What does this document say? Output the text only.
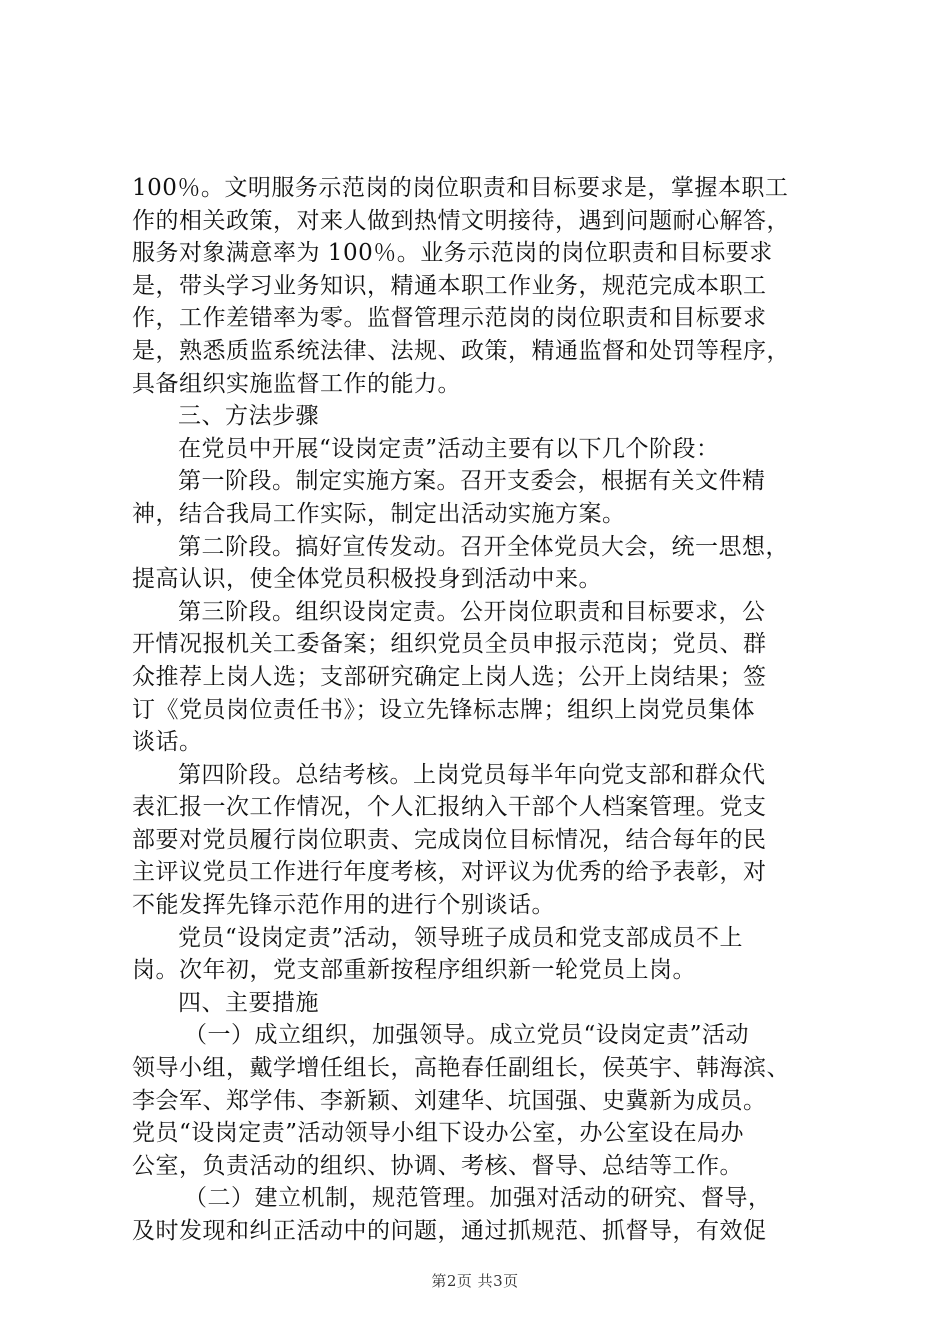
100％。文明服务示范岗的岗位职责和目标要求是，掌握本职工
作的相关政策，对来人做到热情文明接待，遇到问题耐心解答，
服务对象满意率为 100％。业务示范岗的岗位职责和目标要求
是，带头学习业务知识，精通本职工作业务，规范完成本职工
作，工作差错率为零。监督管理示范岗的岗位职责和目标要求
是，熟悉质监系统法律、法规、政策，精通监督和处罚等程序，
具备组织实施监督工作的能力。
三、方法步骤
在党员中开展“设岗定责”活动主要有以下几个阶段：
第一阶段。制定实施方案。召开支委会，根据有关文件精
神，结合我局工作实际，制定出活动实施方案。
第二阶段。搞好宣传发动。召开全体党员大会，统一思想，
提高认识，使全体党员积极投身到活动中来。
第三阶段。组织设岗定责。公开岗位职责和目标要求，公
开情况报机关工委备案；组织党员全员申报示范岗；党员、群
众推荐上岗人选；支部研究确定上岗人选；公开上岗结果；签
订《党员岗位责任书》；设立先锋标志牌；组织上岗党员集体
谈话。
第四阶段。总结考核。上岗党员每半年向党支部和群众代
表汇报一次工作情况，个人汇报纳入干部个人档案管理。党支
部要对党员履行岗位职责、完成岗位目标情况，结合每年的民
主评议党员工作进行年度考核，对评议为优秀的给予表彰，对
不能发挥先锋示范作用的进行个别谈话。
党员“设岗定责”活动，领导班子成员和党支部成员不上
岗。次年初，党支部重新按程序组织新一轮党员上岗。
四、主要措施
（一）成立组织，加强领导。成立党员“设岗定责”活动
领导小组，戴学增任组长，高艳春任副组长，侯英宇、韩海滨、
李会军、郑学伟、李新颖、刘建华、坑国强、史冀新为成员。
党员“设岗定责”活动领导小组下设办公室，办公室设在局办
公室，负责活动的组织、协调、考核、督导、总结等工作。
（二）建立机制，规范管理。加强对活动的研究、督导，
及时发现和纠正活动中的问题，通过抓规范、抓督导，有效促
第2页 共3页
